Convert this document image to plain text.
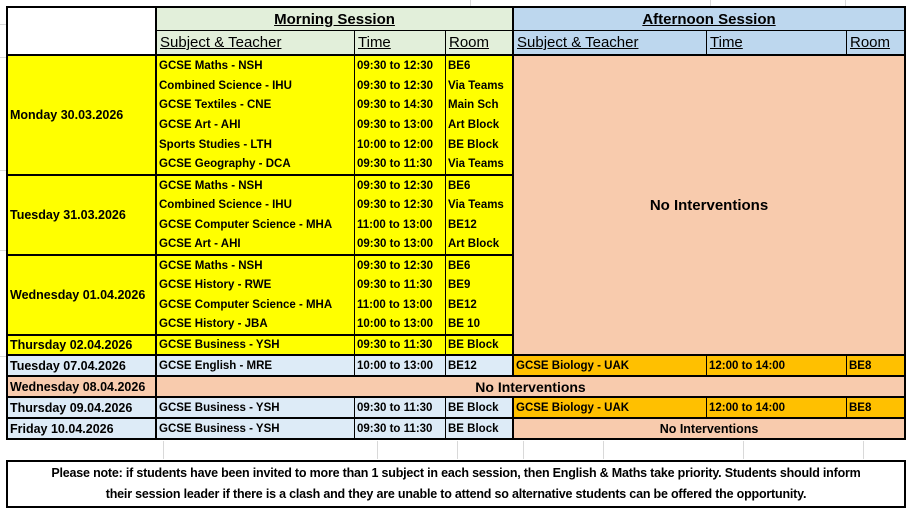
Morning Session	Afternoon Session
Subject & Teacher	Time	Room	Subject & Teacher	Time	Room
Monday 30.03.2026
GCSE Maths - NSH	09:30 to 12:30	BE6
Combined Science - IHU	09:30 to 12:30	Via Teams
GCSE Textiles - CNE	09:30 to 14:30	Main Sch
GCSE Art - AHI	09:30 to 13:00	Art Block
Sports Studies - LTH	10:00 to 12:00	BE Block
GCSE Geography - DCA	09:30 to 11:30	Via Teams
Tuesday 31.03.2026
GCSE Maths - NSH	09:30 to 12:30	BE6
Combined Science - IHU	09:30 to 12:30	Via Teams
GCSE Computer Science - MHA	11:00 to 13:00	BE12
GCSE Art - AHI	09:30 to 13:00	Art Block
Wednesday 01.04.2026
GCSE Maths - NSH	09:30 to 12:30	BE6
GCSE History - RWE	09:30 to 11:30	BE9
GCSE Computer Science - MHA	11:00 to 13:00	BE12
GCSE History - JBA	10:00 to 13:00	BE 10
Thursday 02.04.2026	GCSE Business - YSH	09:30 to 11:30	BE Block
No Interventions
Tuesday 07.04.2026	GCSE English - MRE	10:00 to 13:00	BE12	GCSE Biology - UAK	12:00 to 14:00	BE8
Wednesday 08.04.2026	No Interventions
Thursday 09.04.2026	GCSE Business - YSH	09:30 to 11:30	BE Block	GCSE Biology - UAK	12:00 to 14:00	BE8
Friday 10.04.2026	GCSE Business - YSH	09:30 to 11:30	BE Block	No Interventions
Please note: if students have been invited to more than 1 subject in each session, then English & Maths take priority. Students should inform
their session leader if there is a clash and they are unable to attend so alternative students can be offered the opportunity.
